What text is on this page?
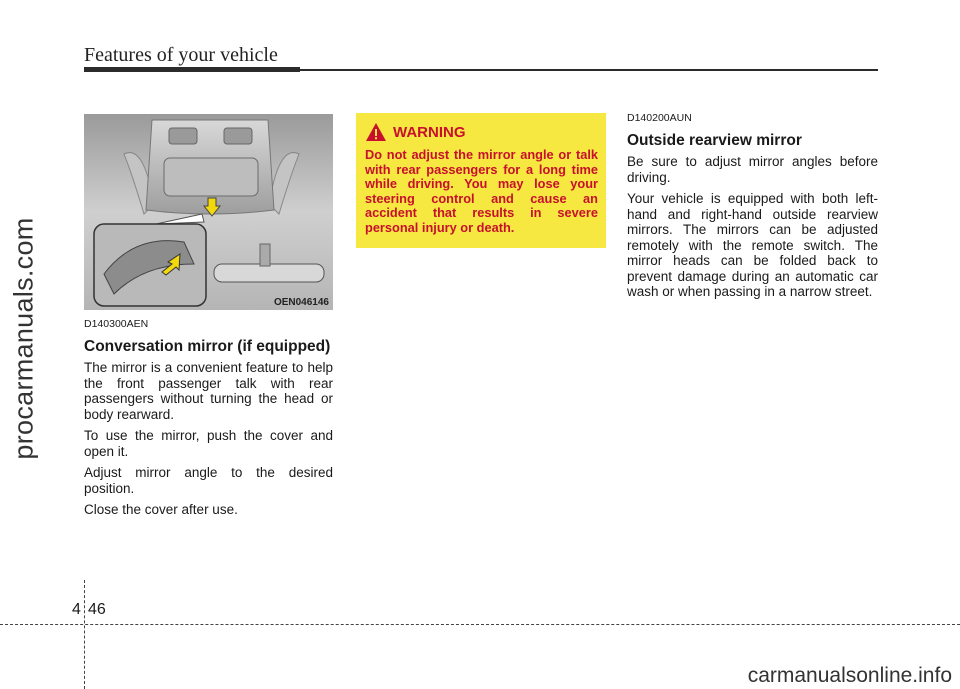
Features of your vehicle
procarmanuals.com	OEN046146
D140300AEN
Conversation mirror (if equipped)

The mirror is a convenient feature to help the front passenger talk with rear passengers without turning the head or body rearward.

To use the mirror, push the cover and open it.

Adjust mirror angle to the desired position.

Close the cover after use.

WARNING

Do not adjust the mirror angle or talk with rear passengers for a long time while driving. You may lose your steering control and cause an accident that results in severe personal injury or death.

D140200AUN
Outside rearview mirror

Be sure to adjust mirror angles before driving.

Your vehicle is equipped with both left-hand and right-hand outside rearview mirrors. The mirrors can be adjusted remotely with the remote switch. The mirror heads can be folded back to prevent damage during an automatic car wash or when passing in a narrow street.

4 46
carmanualsonline.info
